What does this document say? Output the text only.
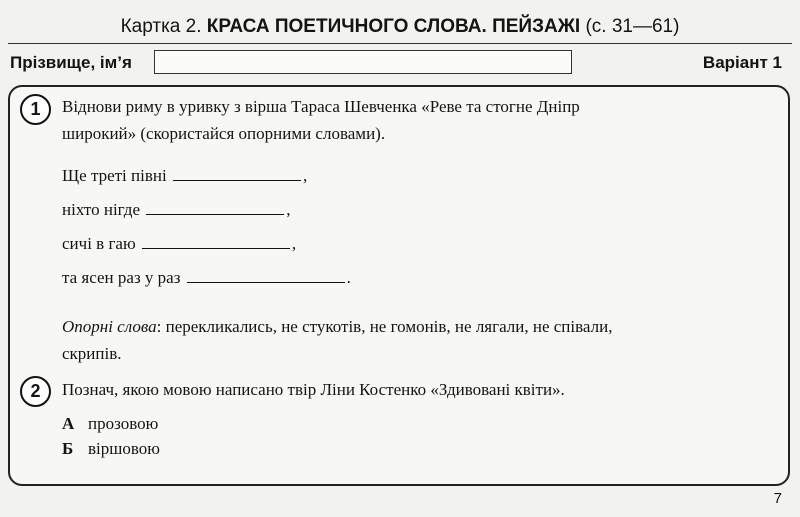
Картка 2. КРАСА ПОЕТИЧНОГО СЛОВА. ПЕЙЗАЖІ (с. 31—61)
Прізвище, ім’я	Варіант 1
1	Віднови риму в уривку з вірша Тараса Шевченка «Реве та стогне Дніпр
широкий» (скористайся опорними словами).
Ще треті півні	,
ніхто нігде	,
сичі в гаю	,
та ясен раз у раз	.
Опорні слова: перекликались, не стукотів, не гомонів, не лягали, не співали,
скрипів.
2	Познач, якою мовою написано твір Ліни Костенко «Здивовані квіти».
А прозовою
Б віршовою
7
